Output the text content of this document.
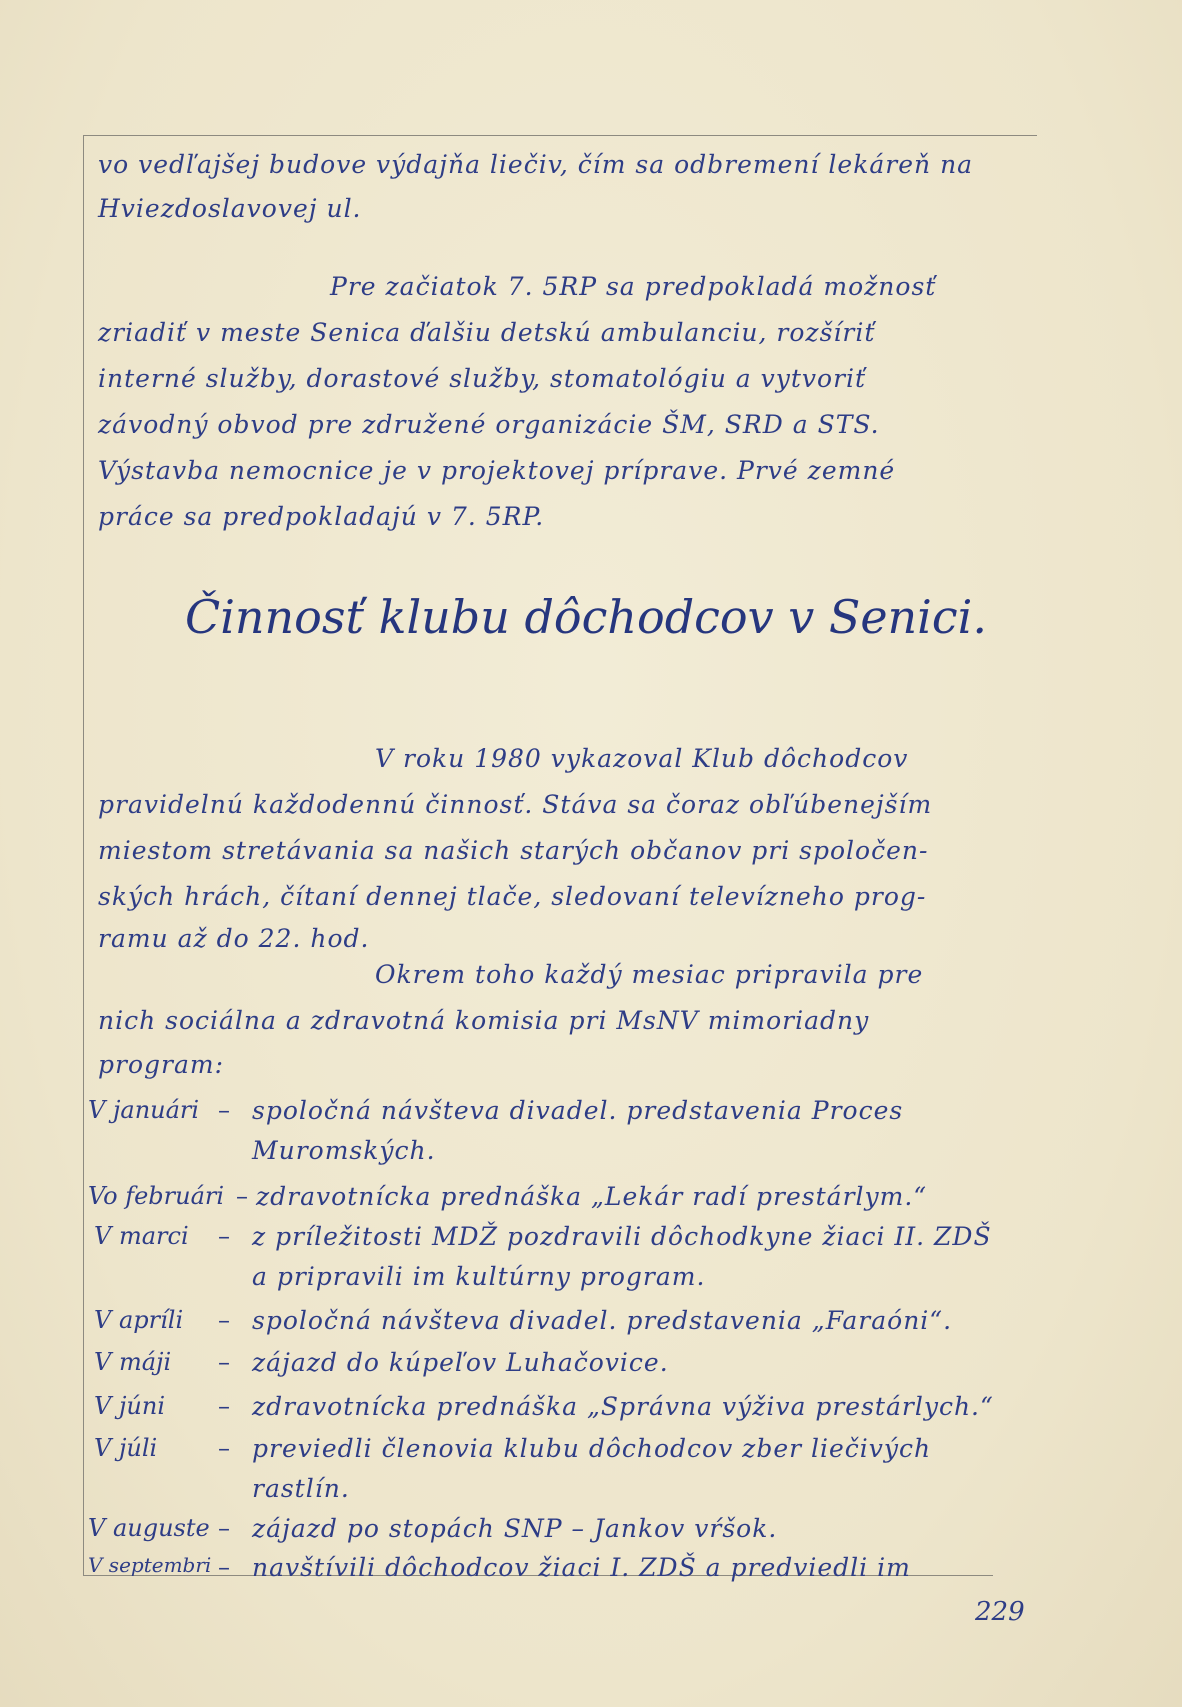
vo vedľajšej budove výdajňa liečiv, čím sa odbremení lekáreň na
Hviezdoslavovej ul.
Pre začiatok 7. 5RP sa predpokladá možnosť
zriadiť v meste Senica ďalšiu detskú ambulanciu, rozšíriť
interné služby, dorastové služby, stomatológiu a vytvoriť
závodný obvod pre združené organizácie ŠM, SRD a STS.
Výstavba nemocnice je v projektovej príprave. Prvé zemné
práce sa predpokladajú v 7. 5RP.
Činnosť klubu dôchodcov v Senici.
V roku 1980 vykazoval Klub dôchodcov
pravidelnú každodennú činnosť. Stáva sa čoraz obľúbenejším
miestom stretávania sa našich starých občanov pri spoločen-
ských hrách, čítaní dennej tlače, sledovaní televízneho prog-
ramu až do 22. hod.
Okrem toho každý mesiac pripravila pre
nich sociálna a zdravotná komisia pri MsNV mimoriadny
program:
V januári – spoločná návšteva divadel. predstavenia Proces
Muromských.
Vo februári – zdravotnícka prednáška „Lekár radí prestárlym.“
V marci – z príležitosti MDŽ pozdravili dôchodkyne žiaci II. ZDŠ
a pripravili im kultúrny program.
V apríli – spoločná návšteva divadel. predstavenia „Faraóni“.
V máji – zájazd do kúpeľov Luhačovice.
V júni – zdravotnícka prednáška „Správna výživa prestárlych.“
V júli	– previedli členovia klubu dôchodcov zber liečivých
rastlín.
V auguste – zájazd po stopách SNP – Jankov vŕšok.
V septembri – navštívili dôchodcov žiaci I. ZDŠ a predviedli im
229
